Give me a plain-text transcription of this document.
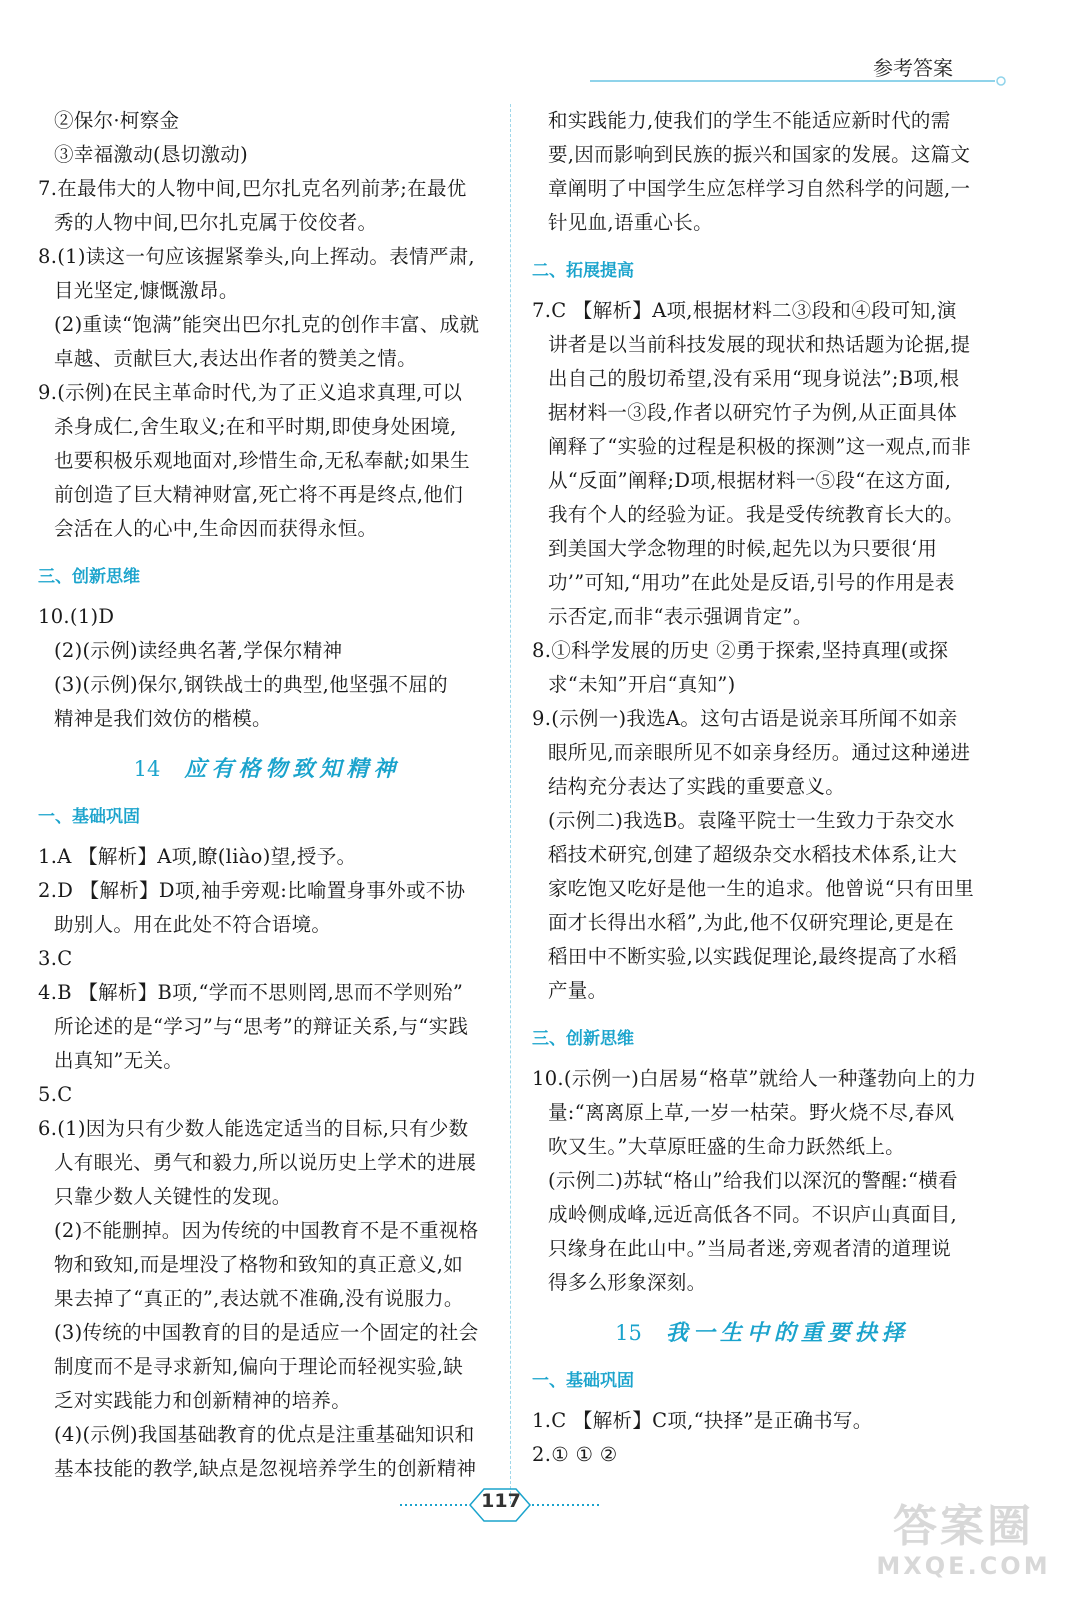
参考答案
②保尔·柯察金
③幸福激动(恳切激动)
7.在最伟大的人物中间,巴尔扎克名列前茅;在最优
秀的人物中间,巴尔扎克属于佼佼者。
8.(1)读这一句应该握紧拳头,向上挥动。表情严肃,
目光坚定,慷慨激昂。
(2)重读“饱满”能突出巴尔扎克的创作丰富、成就
卓越、贡献巨大,表达出作者的赞美之情。
9.(示例)在民主革命时代,为了正义追求真理,可以
杀身成仁,舍生取义;在和平时期,即使身处困境,
也要积极乐观地面对,珍惜生命,无私奉献;如果生
前创造了巨大精神财富,死亡将不再是终点,他们
会活在人的心中,生命因而获得永恒。
三、创新思维
10.(1)D
(2)(示例)读经典名著,学保尔精神
(3)(示例)保尔,钢铁战士的典型,他坚强不屈的
精神是我们效仿的楷模。
14 应有格物致知精神
一、基础巩固
1.A 【解析】A项,瞭(liào)望,授予。
2.D 【解析】D项,袖手旁观:比喻置身事外或不协
助别人。用在此处不符合语境。
3.C
4.B 【解析】B项,“学而不思则罔,思而不学则殆”
所论述的是“学习”与“思考”的辩证关系,与“实践
出真知”无关。
5.C
6.(1)因为只有少数人能选定适当的目标,只有少数
人有眼光、勇气和毅力,所以说历史上学术的进展
只靠少数人关键性的发现。
(2)不能删掉。因为传统的中国教育不是不重视格
物和致知,而是埋没了格物和致知的真正意义,如
果去掉了“真正的”,表达就不准确,没有说服力。
(3)传统的中国教育的目的是适应一个固定的社会
制度而不是寻求新知,偏向于理论而轻视实验,缺
乏对实践能力和创新精神的培养。
(4)(示例)我国基础教育的优点是注重基础知识和
基本技能的教学,缺点是忽视培养学生的创新精神
和实践能力,使我们的学生不能适应新时代的需
要,因而影响到民族的振兴和国家的发展。这篇文
章阐明了中国学生应怎样学习自然科学的问题,一
针见血,语重心长。
二、拓展提高
7.C 【解析】A项,根据材料二③段和④段可知,演
讲者是以当前科技发展的现状和热话题为论据,提
出自己的殷切希望,没有采用“现身说法”;B项,根
据材料一③段,作者以研究竹子为例,从正面具体
阐释了“实验的过程是积极的探测”这一观点,而非
从“反面”阐释;D项,根据材料一⑤段“在这方面,
我有个人的经验为证。我是受传统教育长大的。
到美国大学念物理的时候,起先以为只要很‘用
功’”可知,“用功”在此处是反语,引号的作用是表
示否定,而非“表示强调肯定”。
8.①科学发展的历史 ②勇于探索,坚持真理(或探
求“未知”开启“真知”)
9.(示例一)我选A。这句古语是说亲耳所闻不如亲
眼所见,而亲眼所见不如亲身经历。通过这种递进
结构充分表达了实践的重要意义。
(示例二)我选B。袁隆平院士一生致力于杂交水
稻技术研究,创建了超级杂交水稻技术体系,让大
家吃饱又吃好是他一生的追求。他曾说“只有田里
面才长得出水稻”,为此,他不仅研究理论,更是在
稻田中不断实验,以实践促理论,最终提高了水稻
产量。
三、创新思维
10.(示例一)白居易“格草”就给人一种蓬勃向上的力
量:“离离原上草,一岁一枯荣。野火烧不尽,春风
吹又生。”大草原旺盛的生命力跃然纸上。
(示例二)苏轼“格山”给我们以深沉的警醒:“横看
成岭侧成峰,远近高低各不同。不识庐山真面目,
只缘身在此山中。”当局者迷,旁观者清的道理说
得多么形象深刻。
15 我一生中的重要抉择
一、基础巩固
1.C 【解析】C项,“抉择”是正确书写。
2.① ① ②
117	答案圈
MXQE.COM
